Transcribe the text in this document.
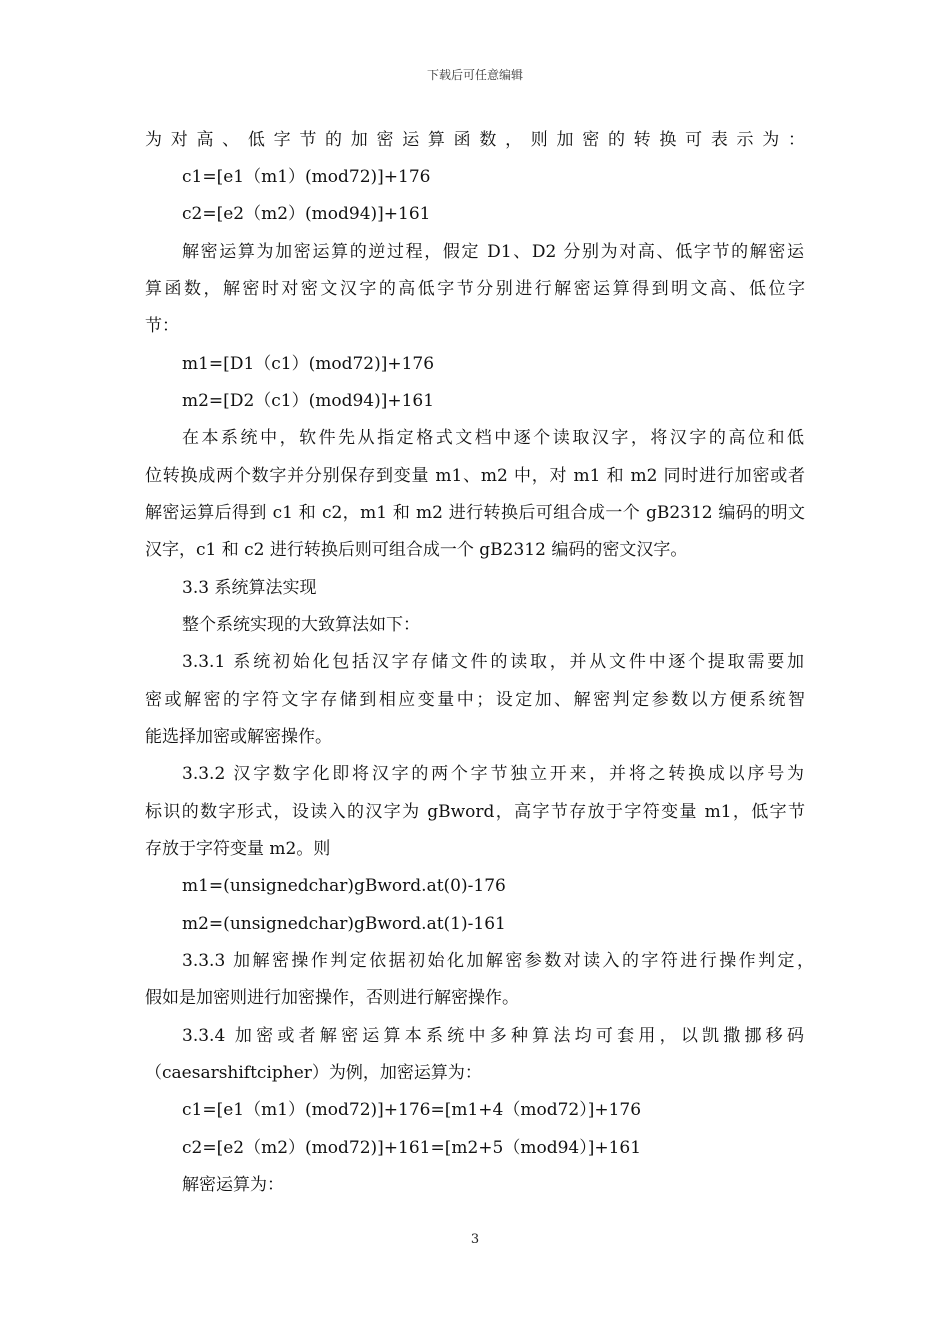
下载后可任意编辑
为对高、低字节的加密运算函数，则加密的转换可表示为：
c1=[e1（m1）(mod72)]+176
c2=[e2（m2）(mod94)]+161
解密运算为加密运算的逆过程，假定 D1、D2 分别为对高、低字节的解密运
算函数，解密时对密文汉字的高低字节分别进行解密运算得到明文高、低位字
节：
m1=[D1（c1）(mod72)]+176
m2=[D2（c1）(mod94)]+161
在本系统中，软件先从指定格式文档中逐个读取汉字，将汉字的高位和低
位转换成两个数字并分别保存到变量 m1、m2 中，对 m1 和 m2 同时进行加密或者
解密运算后得到 c1 和 c2，m1 和 m2 进行转换后可组合成一个 gB2312 编码的明文
汉字，c1 和 c2 进行转换后则可组合成一个 gB2312 编码的密文汉字。
3.3 系统算法实现
整个系统实现的大致算法如下：
3.3.1 系统初始化包括汉字存储文件的读取，并从文件中逐个提取需要加
密或解密的字符文字存储到相应变量中；设定加、解密判定参数以方便系统智
能选择加密或解密操作。
3.3.2 汉字数字化即将汉字的两个字节独立开来，并将之转换成以序号为
标识的数字形式，设读入的汉字为 gBword，高字节存放于字符变量 m1，低字节
存放于字符变量 m2。则
m1=(unsignedchar)gBword.at(0)-176
m2=(unsignedchar)gBword.at(1)-161
3.3.3 加解密操作判定依据初始化加解密参数对读入的字符进行操作判定，
假如是加密则进行加密操作，否则进行解密操作。
3.3.4 加密或者解密运算本系统中多种算法均可套用，以凯撒挪移码
（caesarshiftcipher）为例，加密运算为：
c1=[e1（m1）(mod72)]+176=[m1+4（mod72）]+176
c2=[e2（m2）(mod72)]+161=[m2+5（mod94）]+161
解密运算为：
3
